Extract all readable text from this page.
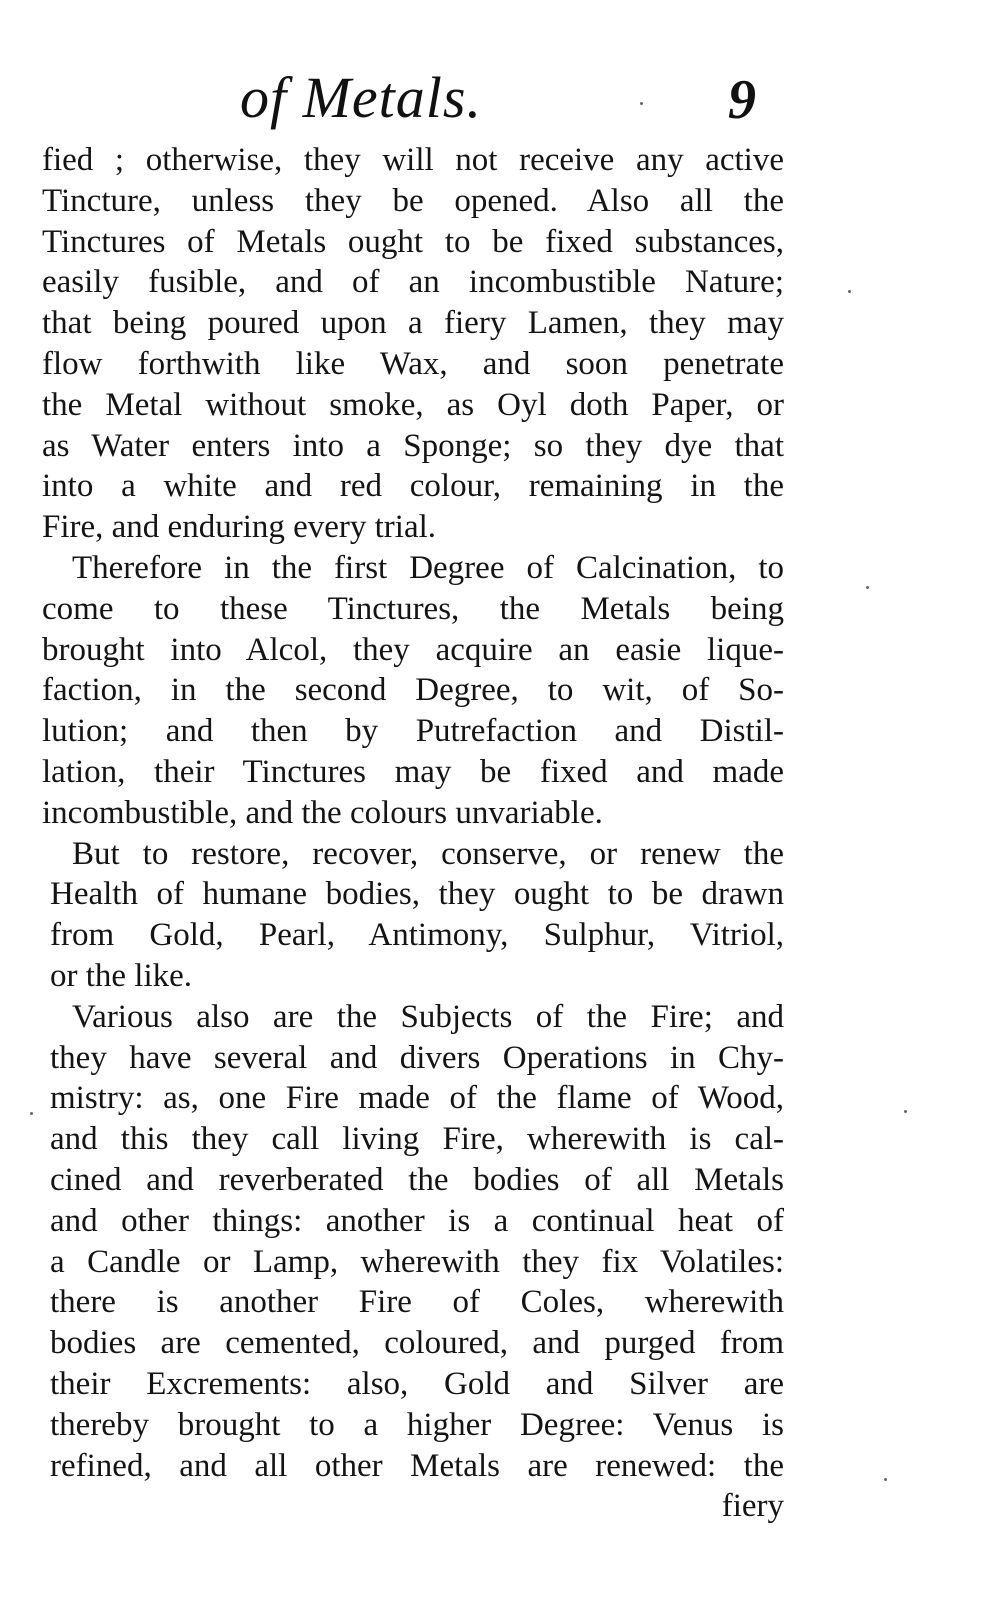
of Metals.	9
fied ; otherwise, they will not receive any active
Tincture, unless they be opened. Also all the
Tinctures of Metals ought to be fixed substances,
easily fusible, and of an incombustible Nature;
that being poured upon a fiery Lamen, they may
flow forthwith like Wax, and soon penetrate
the Metal without smoke, as Oyl doth Paper, or
as Water enters into a Sponge; so they dye that
into a white and red colour, remaining in the
Fire, and enduring every trial.
Therefore in the first Degree of Calcination, to
come to these Tinctures, the Metals being
brought into Alcol, they acquire an easie lique-
faction, in the second Degree, to wit, of So-
lution; and then by Putrefaction and Distil-
lation, their Tinctures may be fixed and made
incombustible, and the colours unvariable.
But to restore, recover, conserve, or renew the
Health of humane bodies, they ought to be drawn
from Gold, Pearl, Antimony, Sulphur, Vitriol,
or the like.
Various also are the Subjects of the Fire; and
they have several and divers Operations in Chy-
mistry: as, one Fire made of the flame of Wood,
and this they call living Fire, wherewith is cal-
cined and reverberated the bodies of all Metals
and other things: another is a continual heat of
a Candle or Lamp, wherewith they fix Volatiles:
there is another Fire of Coles, wherewith
bodies are cemented, coloured, and purged from
their Excrements: also, Gold and Silver are
thereby brought to a higher Degree: Venus is
refined, and all other Metals are renewed: the
fiery
